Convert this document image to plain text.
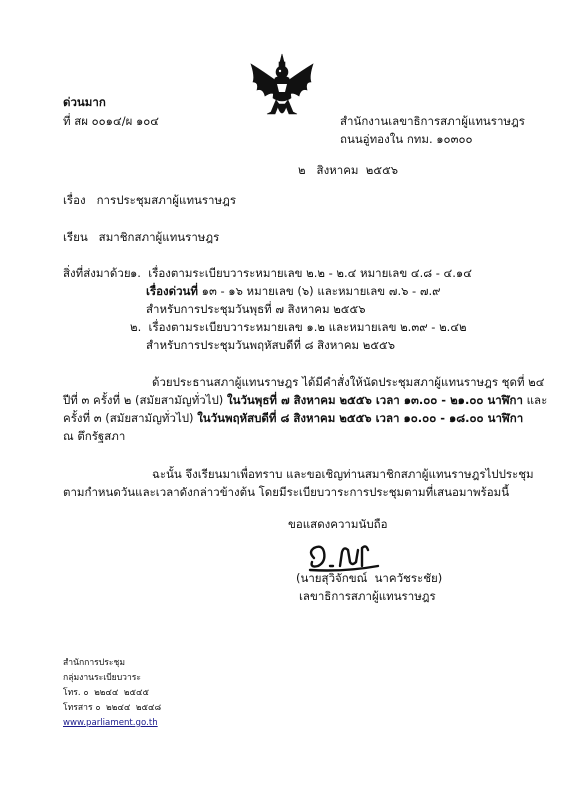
ด่วนมาก
ที่ สผ ๐๐๑๔/ผ ๑๐๔	สำนักงานเลขาธิการสภาผู้แทนราษฎร
ถนนอู่ทองใน กทม. ๑๐๓๐๐
๒   สิงหาคม  ๒๕๕๖
เรื่อง   การประชุมสภาผู้แทนราษฎร
เรียน   สมาชิกสภาผู้แทนราษฎร
สิ่งที่ส่งมาด้วย ๑.  เรื่องตามระเบียบวาระหมายเลข ๒.๒ - ๒.๔ หมายเลข ๔.๘ - ๔.๑๔
เรื่องด่วนที่ ๑๓ - ๑๖ หมายเลข (๖) และหมายเลข ๗.๖ - ๗.๙
สำหรับการประชุมวันพุธที่ ๗ สิงหาคม ๒๕๕๖
๒.  เรื่องตามระเบียบวาระหมายเลข ๑.๒ และหมายเลข ๒.๓๙ - ๒.๔๒
สำหรับการประชุมวันพฤหัสบดีที่ ๘ สิงหาคม ๒๕๕๖
ด้วยประธานสภาผู้แทนราษฎร ได้มีคำสั่งให้นัดประชุมสภาผู้แทนราษฎร ชุดที่ ๒๔
ปีที่ ๓ ครั้งที่ ๒ (สมัยสามัญทั่วไป) ในวันพุธที่ ๗ สิงหาคม ๒๕๕๖ เวลา ๑๓.๐๐ - ๒๑.๐๐ นาฬิกา และ
ครั้งที่ ๓ (สมัยสามัญทั่วไป) ในวันพฤหัสบดีที่ ๘ สิงหาคม ๒๕๕๖ เวลา ๑๐.๐๐ - ๑๘.๐๐ นาฬิกา
ณ ตึกรัฐสภา
ฉะนั้น จึงเรียนมาเพื่อทราบ และขอเชิญท่านสมาชิกสภาผู้แทนราษฎรไปประชุม
ตามกำหนดวันและเวลาดังกล่าวข้างต้น โดยมีระเบียบวาระการประชุมตามที่เสนอมาพร้อมนี้
ขอแสดงความนับถือ
(นายสุวิจักขณ์  นาควัชระชัย)
เลขาธิการสภาผู้แทนราษฎร
สำนักการประชุม
กลุ่มงานระเบียบวาระ
โทร. ๐  ๒๒๔๔  ๒๕๔๕
โทรสาร ๐  ๒๒๔๔  ๒๕๔๘
www.parliament.go.th
